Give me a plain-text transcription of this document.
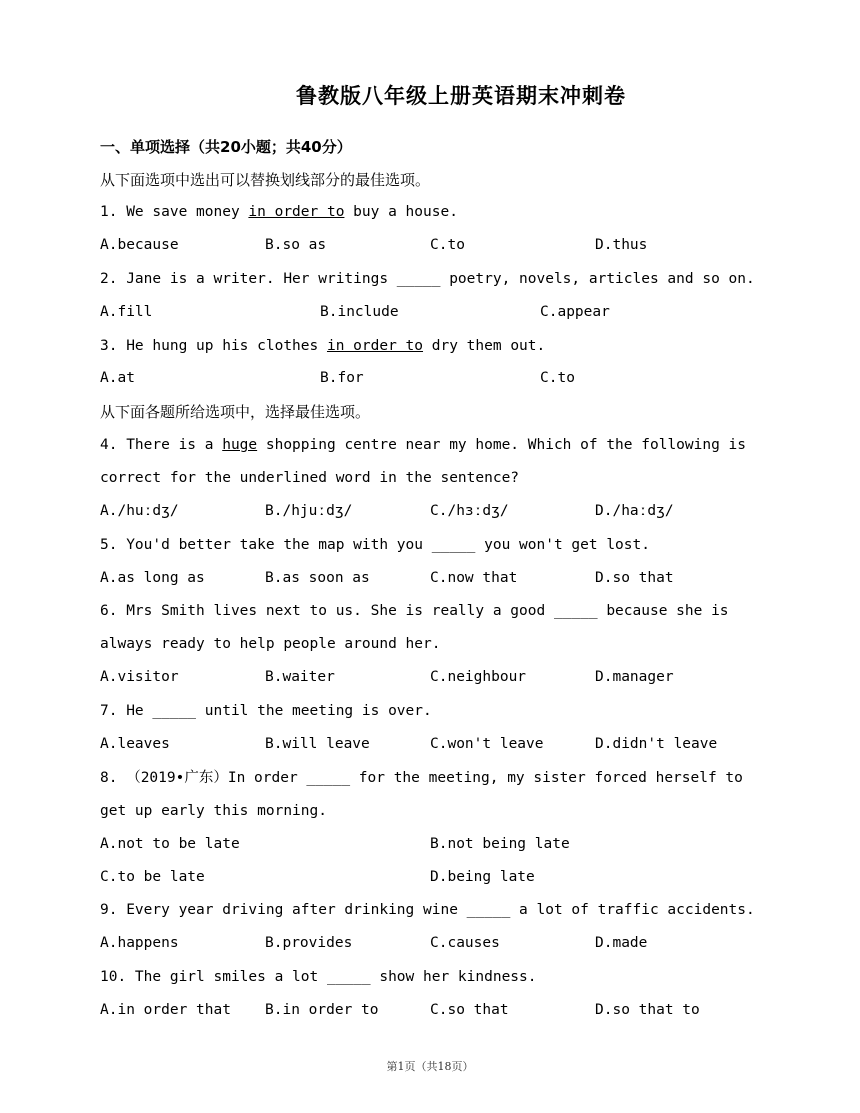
鲁教版八年级上册英语期末冲刺卷
一、单项选择（共20小题；共40分）
从下面选项中选出可以替换划线部分的最佳选项。
1. We save money in order to buy a house.
A.because	B.so as	C.to	D.thus
2. Jane is a writer. Her writings _____ poetry, novels, articles and so on.
A.fill	B.include	C.appear
3. He hung up his clothes in order to dry them out.
A.at	B.for	C.to
从下面各题所给选项中，选择最佳选项。
4. There is a huge shopping centre near my home. Which of the following is
correct for the underlined word in the sentence?
A./huːdʒ/	B./hjuːdʒ/	C./hɜːdʒ/	D./haːdʒ/
5. You'd better take the map with you _____ you won't get lost.
A.as long as	B.as soon as	C.now that	D.so that
6. Mrs Smith lives next to us. She is really a good _____ because she is
always ready to help people around her.
A.visitor	B.waiter	C.neighbour	D.manager
7. He _____ until the meeting is over.
A.leaves	B.will leave	C.won't leave	D.didn't leave
8. （2019•广东）In order _____ for the meeting, my sister forced herself to
get up early this morning.
A.not to be late	B.not being late
C.to be late	D.being late
9. Every year driving after drinking wine _____ a lot of traffic accidents.
A.happens	B.provides	C.causes	D.made
10. The girl smiles a lot _____ show her kindness.
A.in order that B.in order to	C.so that	D.so that to
第1页（共18页）
